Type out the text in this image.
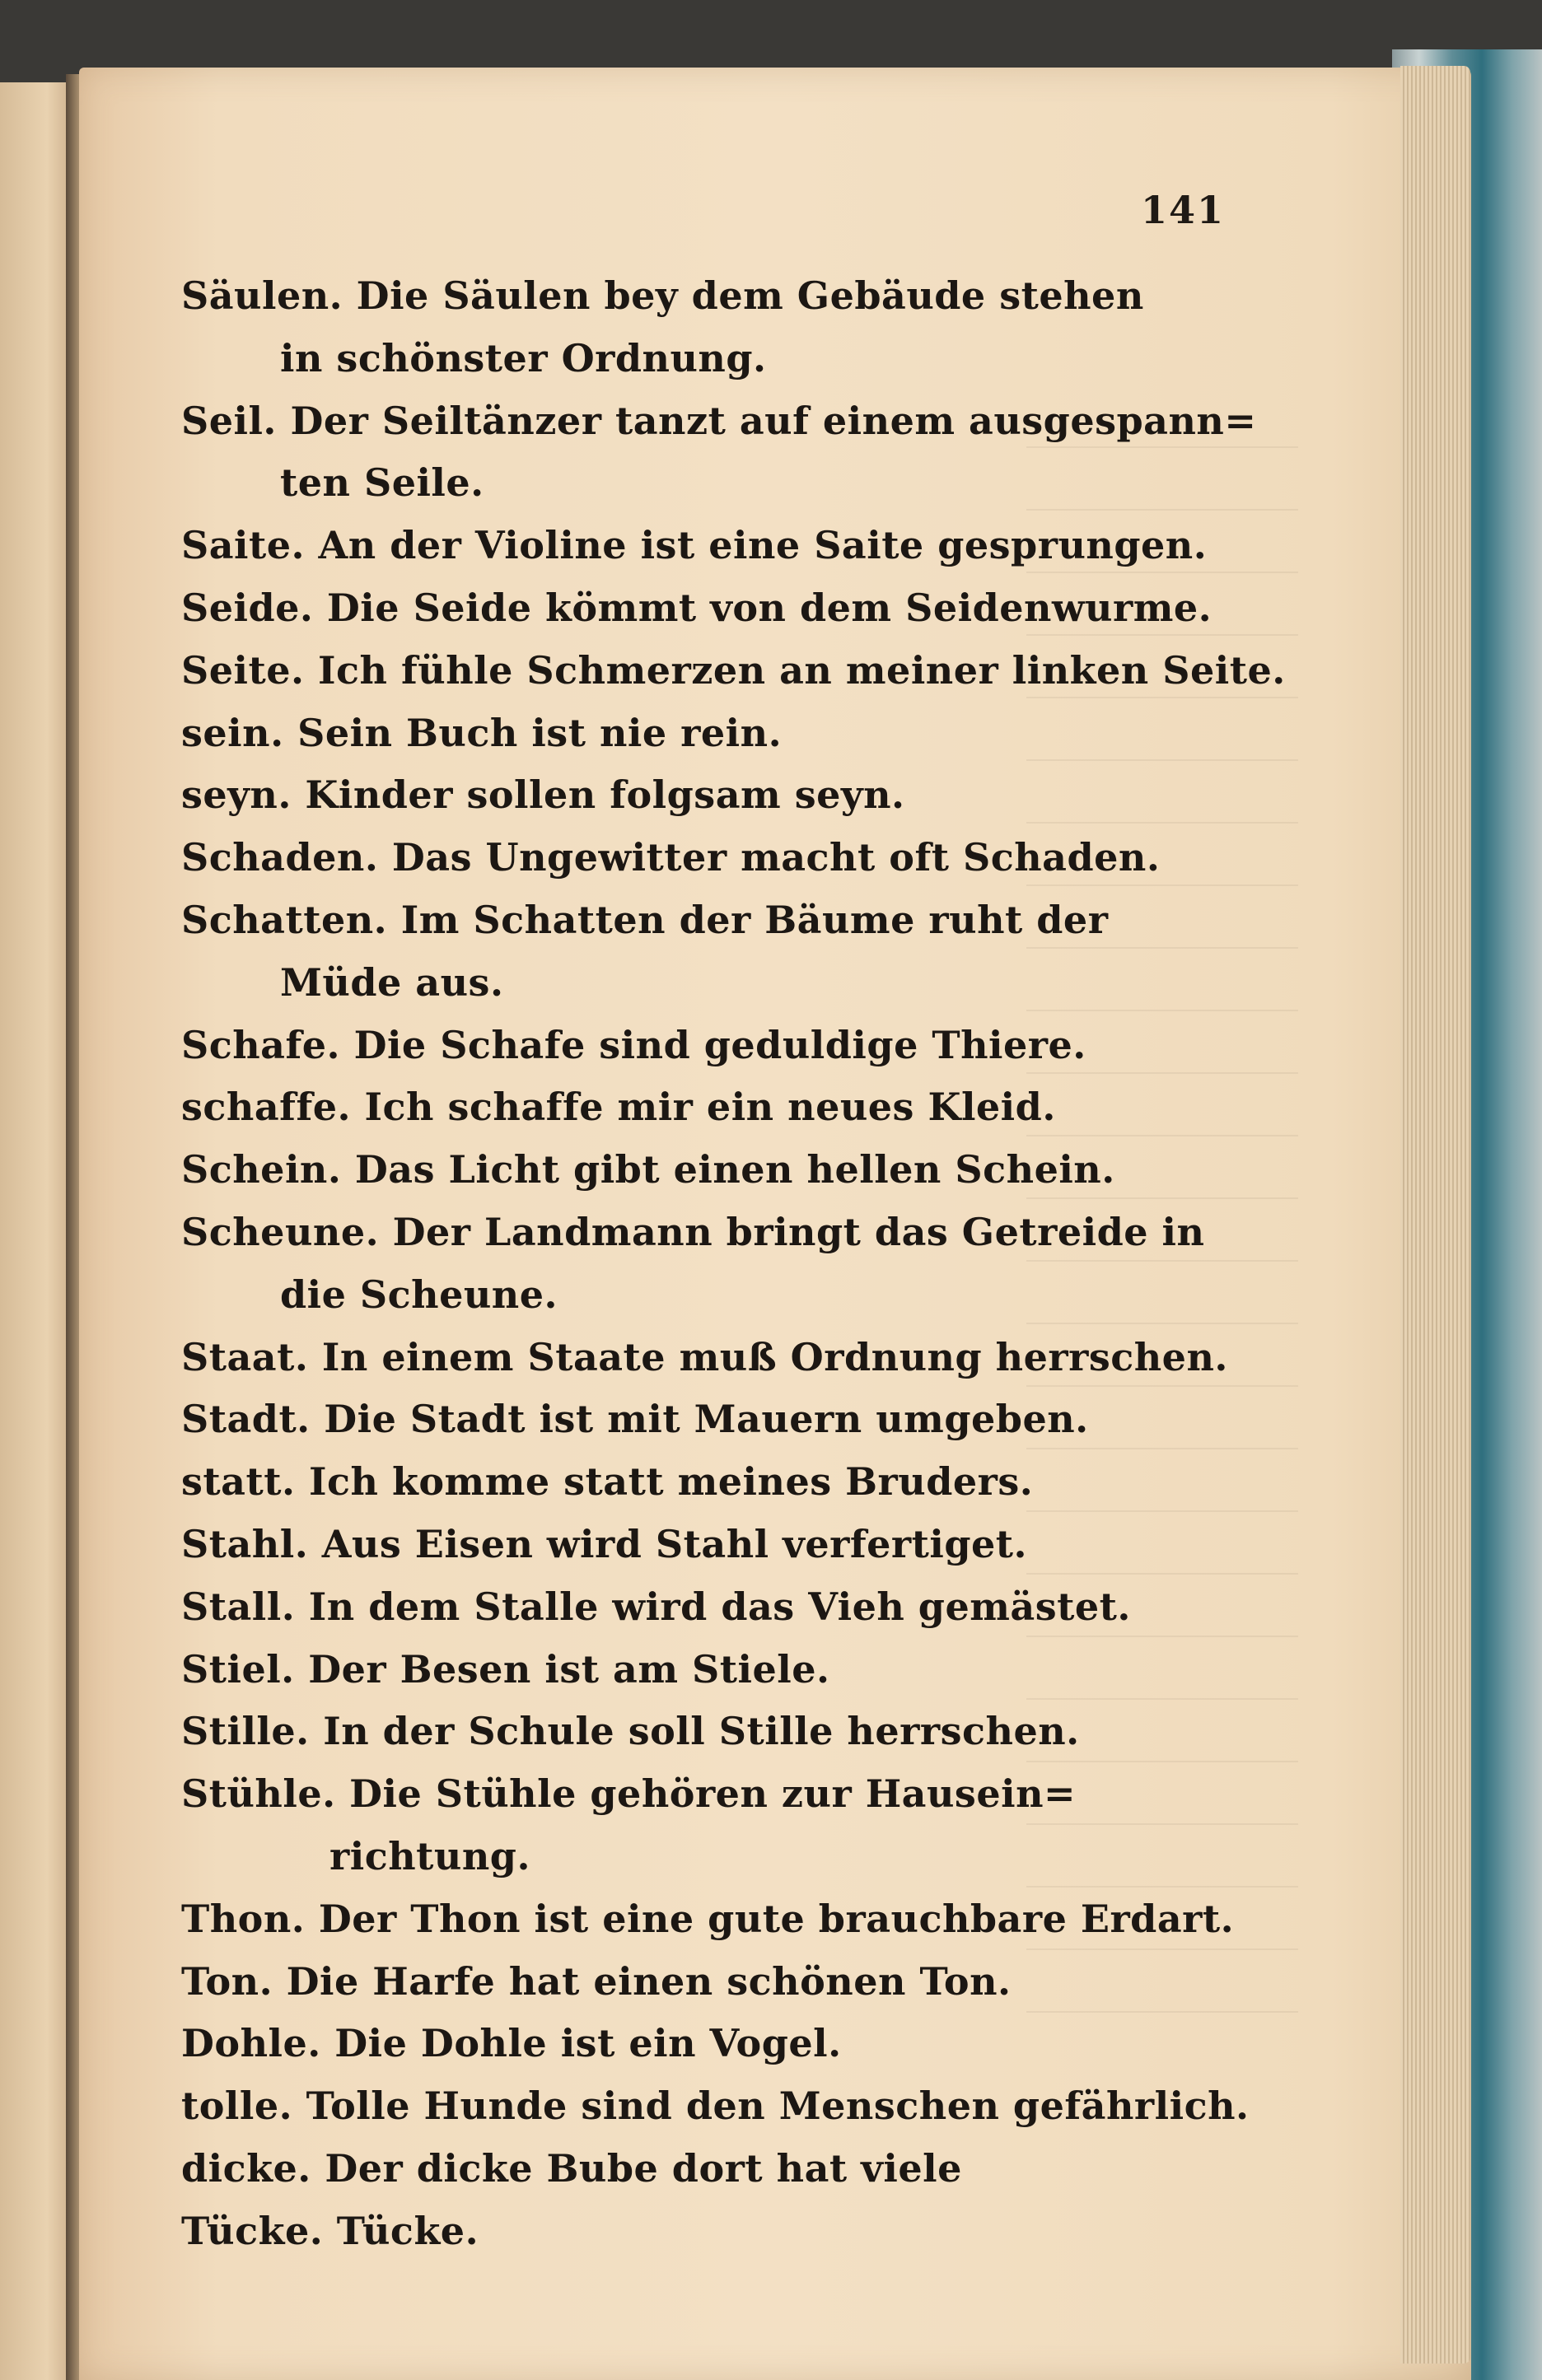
141
Säulen. Die Säulen bey dem Gebäude stehen
in schönster Ordnung.
Seil. Der Seiltänzer tanzt auf einem ausgespann=
ten Seile.
Saite. An der Violine ist eine Saite gesprungen.
Seide. Die Seide kömmt von dem Seidenwurme.
Seite. Ich fühle Schmerzen an meiner linken Seite.
sein. Sein Buch ist nie rein.
seyn. Kinder sollen folgsam seyn.
Schaden. Das Ungewitter macht oft Schaden.
Schatten. Im Schatten der Bäume ruht der
Müde aus.
Schafe. Die Schafe sind geduldige Thiere.
schaffe. Ich schaffe mir ein neues Kleid.
Schein. Das Licht gibt einen hellen Schein.
Scheune. Der Landmann bringt das Getreide in
die Scheune.
Staat. In einem Staate muß Ordnung herrschen.
Stadt. Die Stadt ist mit Mauern umgeben.
statt. Ich komme statt meines Bruders.
Stahl. Aus Eisen wird Stahl verfertiget.
Stall. In dem Stalle wird das Vieh gemästet.
Stiel. Der Besen ist am Stiele.
Stille. In der Schule soll Stille herrschen.
Stühle. Die Stühle gehören zur Hausein=
richtung.
Thon. Der Thon ist eine gute brauchbare Erdart.
Ton. Die Harfe hat einen schönen Ton.
Dohle. Die Dohle ist ein Vogel.
tolle. Tolle Hunde sind den Menschen gefährlich.
dicke. Der dicke Bube dort hat viele
Tücke. Tücke.
